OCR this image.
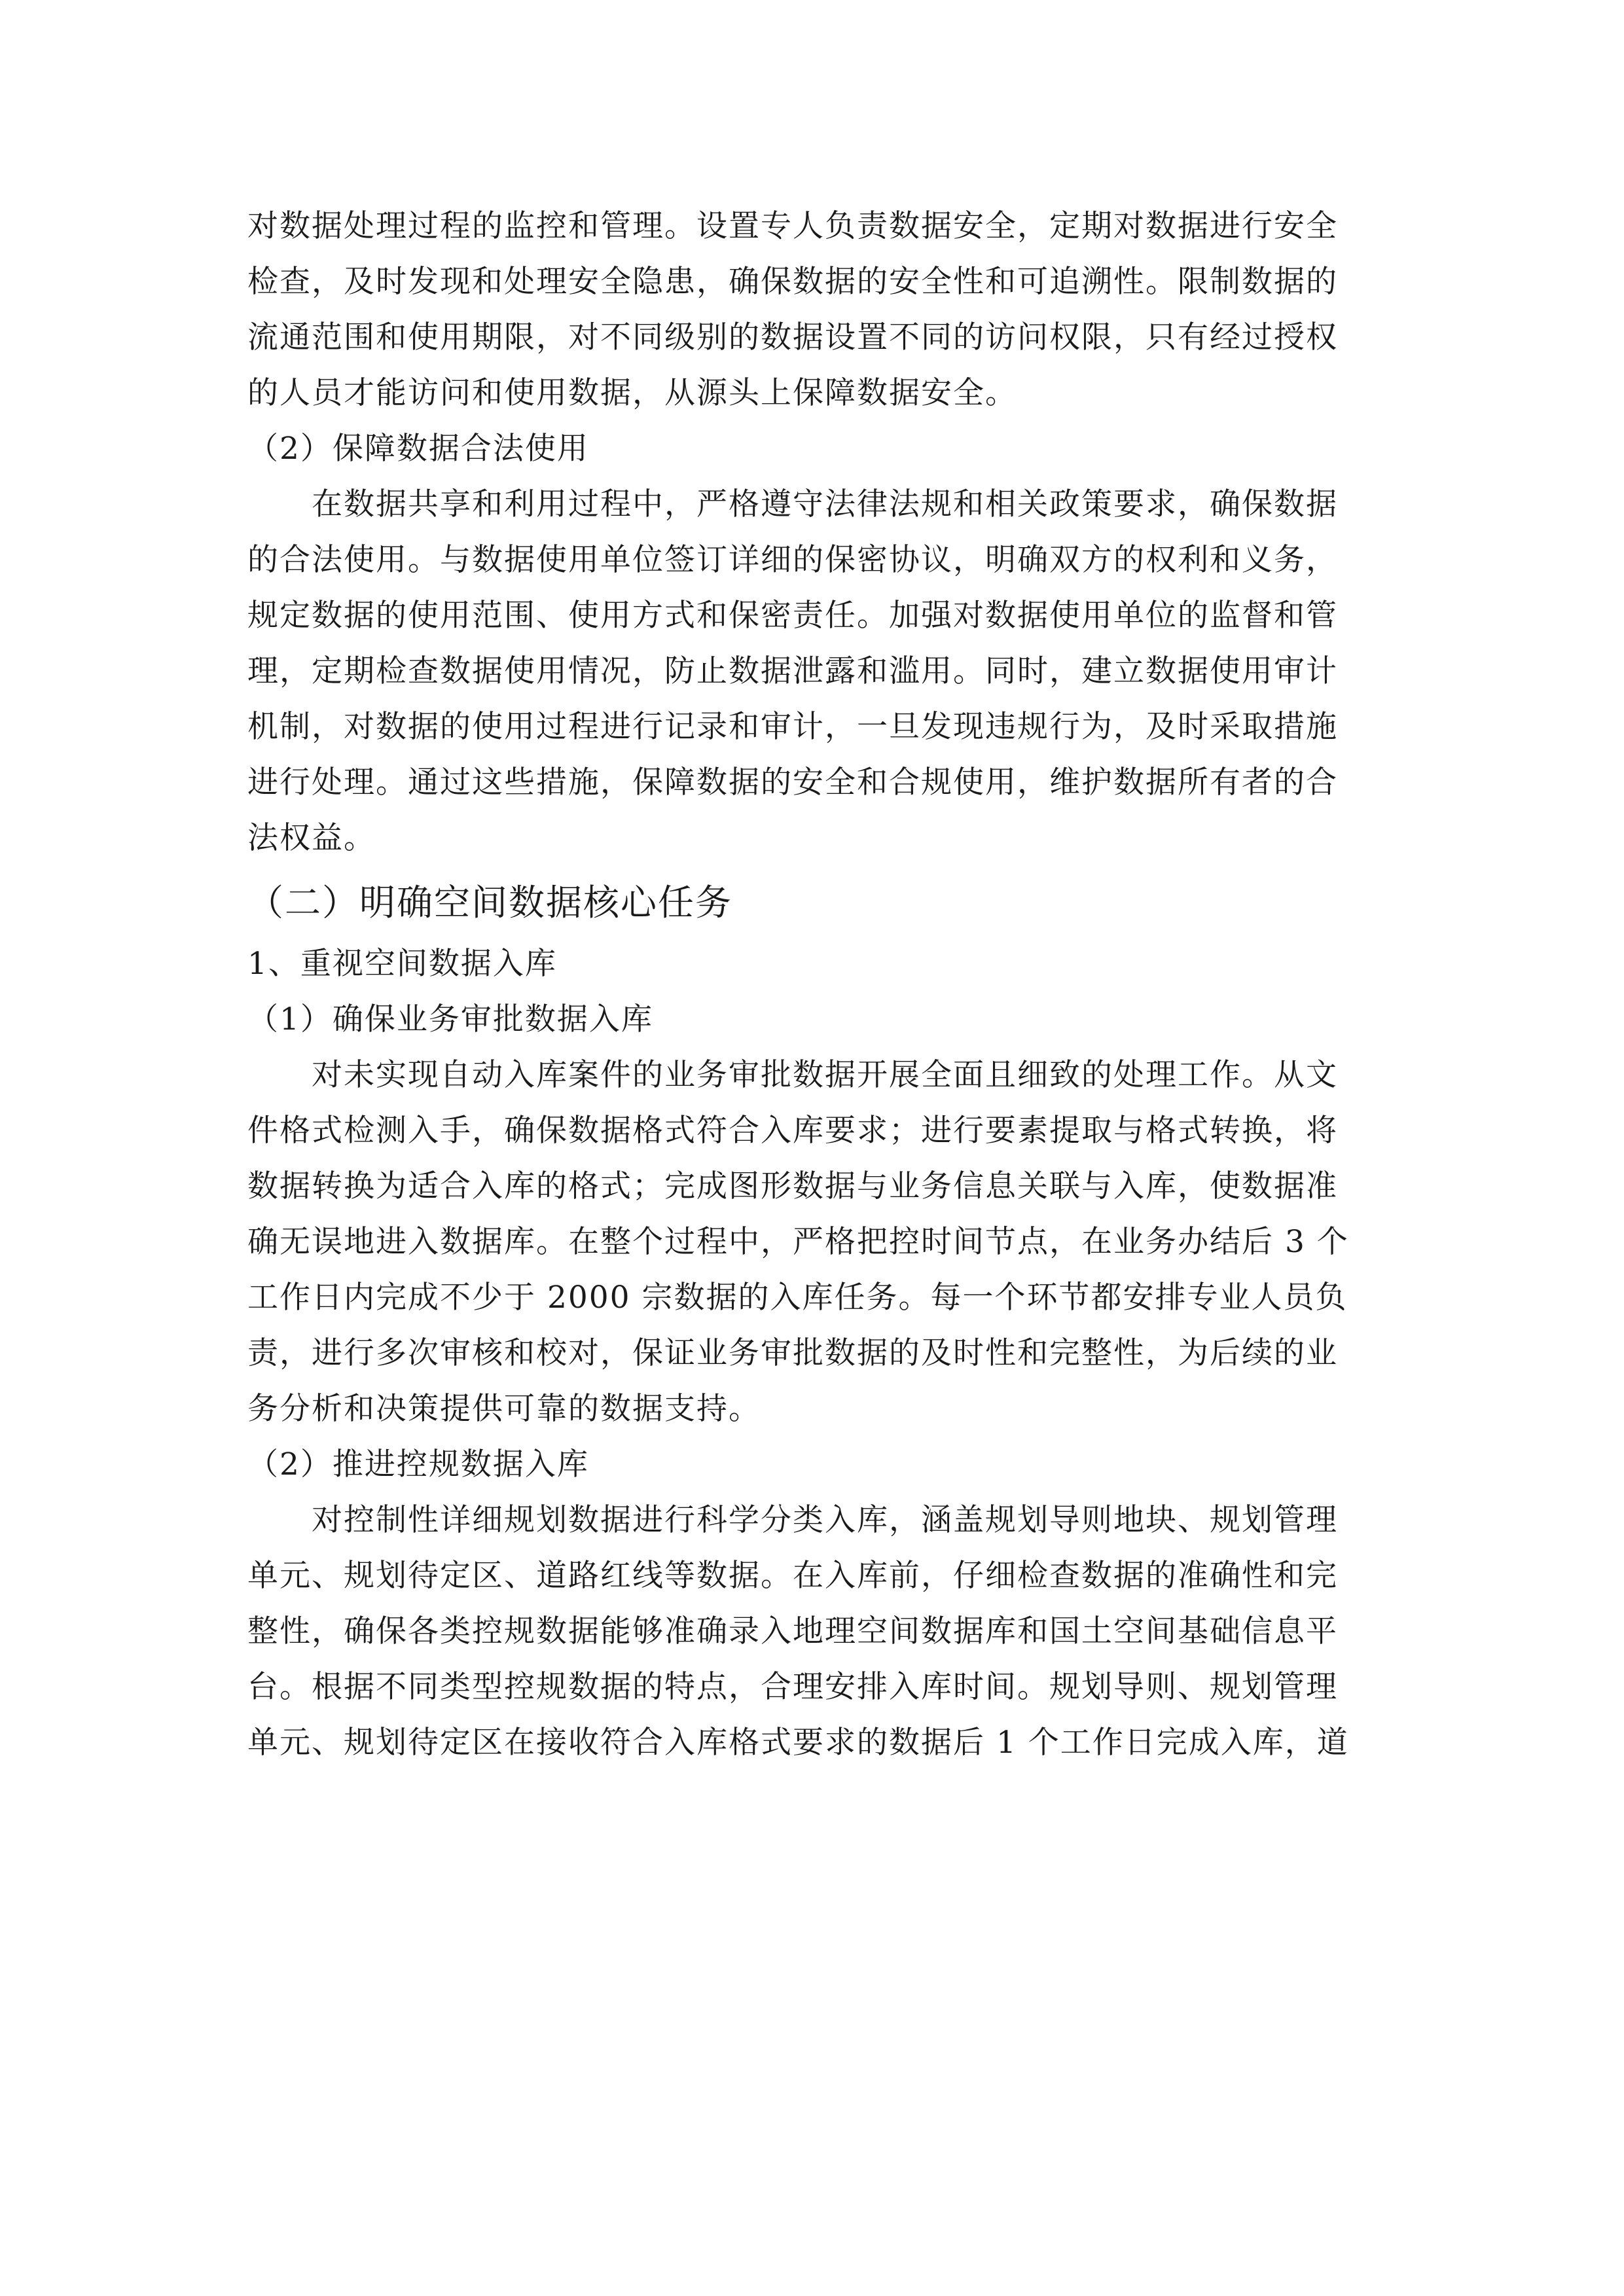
对数据处理过程的监控和管理。设置专人负责数据安全，定期对数据进行安全
检查，及时发现和处理安全隐患，确保数据的安全性和可追溯性。限制数据的
流通范围和使用期限，对不同级别的数据设置不同的访问权限，只有经过授权
的人员才能访问和使用数据，从源头上保障数据安全。
（2）保障数据合法使用
在数据共享和利用过程中，严格遵守法律法规和相关政策要求，确保数据
的合法使用。与数据使用单位签订详细的保密协议，明确双方的权利和义务，
规定数据的使用范围、使用方式和保密责任。加强对数据使用单位的监督和管
理，定期检查数据使用情况，防止数据泄露和滥用。同时，建立数据使用审计
机制，对数据的使用过程进行记录和审计，一旦发现违规行为，及时采取措施
进行处理。通过这些措施，保障数据的安全和合规使用，维护数据所有者的合
法权益。
（二）明确空间数据核心任务
1、重视空间数据入库
（1）确保业务审批数据入库
对未实现自动入库案件的业务审批数据开展全面且细致的处理工作。从文
件格式检测入手，确保数据格式符合入库要求；进行要素提取与格式转换，将
数据转换为适合入库的格式；完成图形数据与业务信息关联与入库，使数据准
确无误地进入数据库。在整个过程中，严格把控时间节点，在业务办结后 3 个
工作日内完成不少于 2000 宗数据的入库任务。每一个环节都安排专业人员负
责，进行多次审核和校对，保证业务审批数据的及时性和完整性，为后续的业
务分析和决策提供可靠的数据支持。
（2）推进控规数据入库
对控制性详细规划数据进行科学分类入库，涵盖规划导则地块、规划管理
单元、规划待定区、道路红线等数据。在入库前，仔细检查数据的准确性和完
整性，确保各类控规数据能够准确录入地理空间数据库和国土空间基础信息平
台。根据不同类型控规数据的特点，合理安排入库时间。规划导则、规划管理
单元、规划待定区在接收符合入库格式要求的数据后 1 个工作日完成入库，道
